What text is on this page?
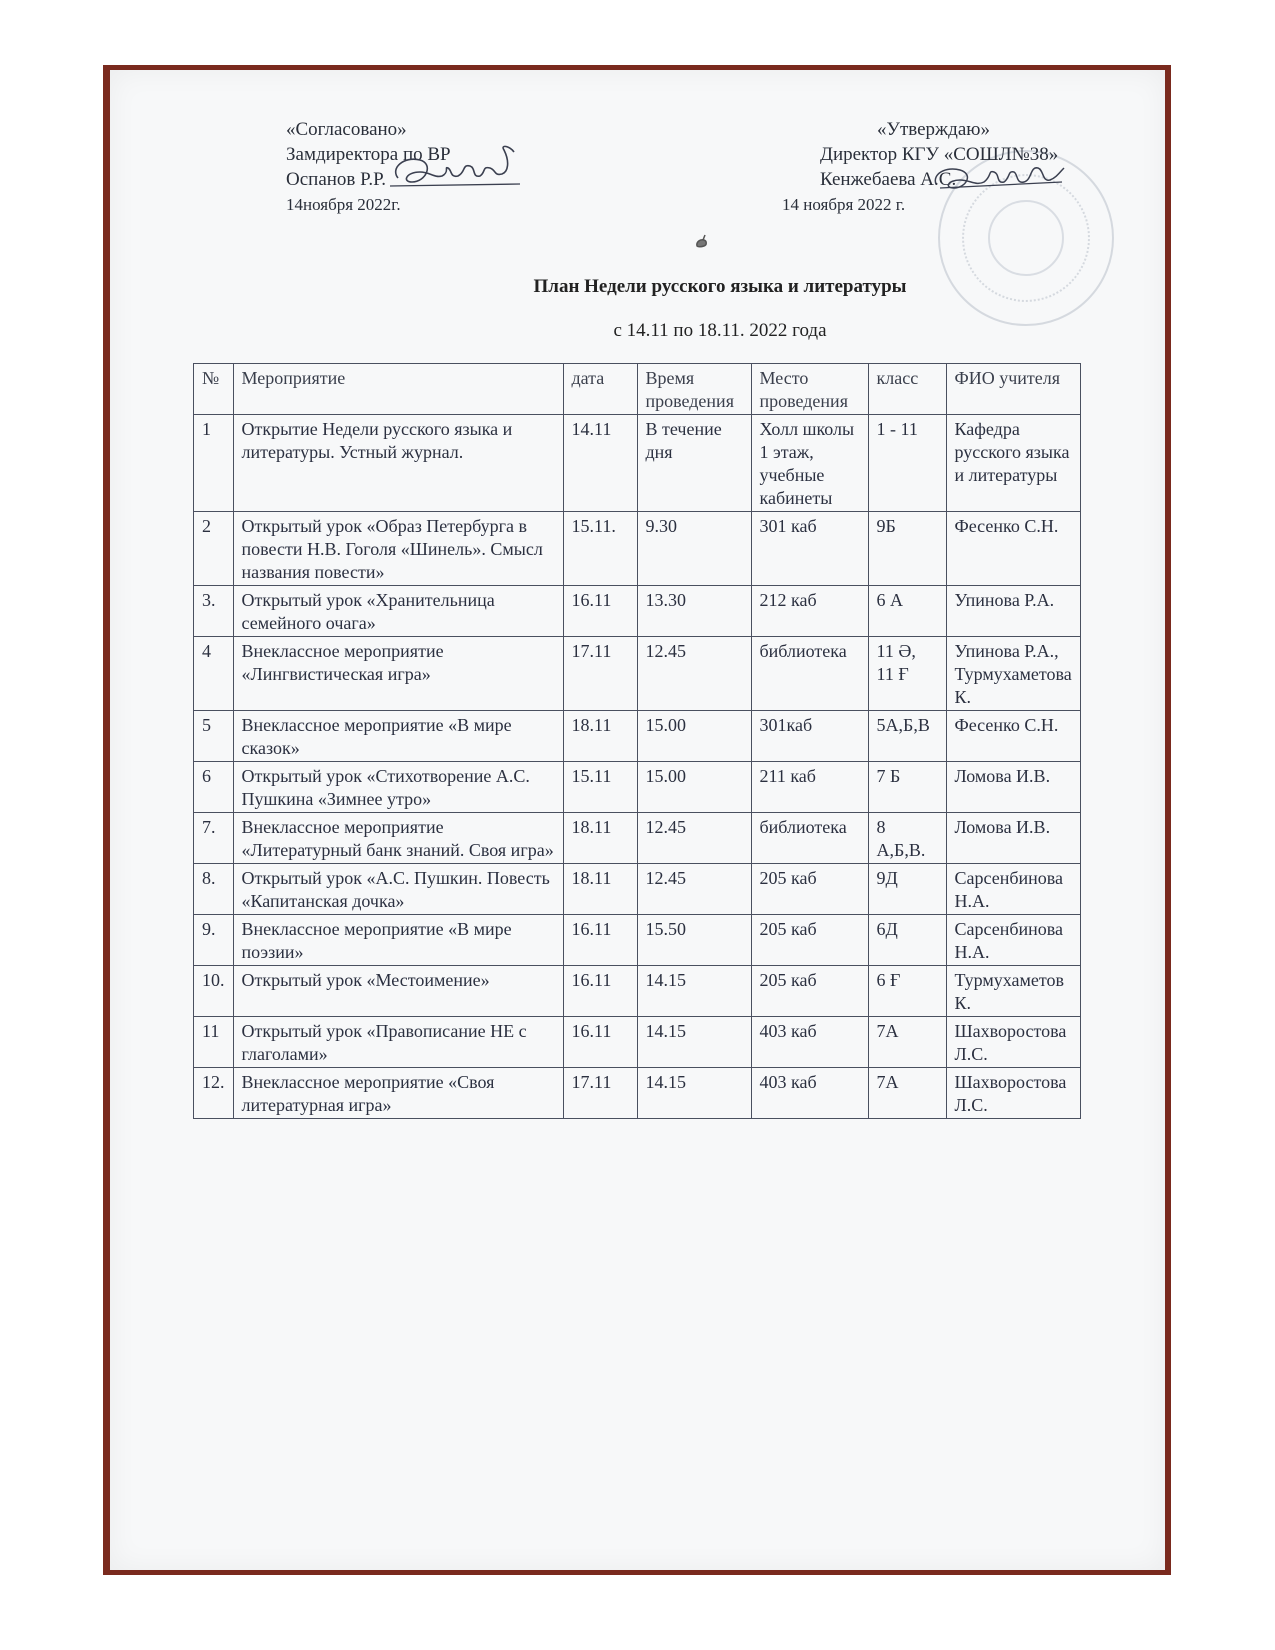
«Согласовано»
Замдиректора по ВР
Оспанов Р.Р.
14ноября 2022г.
«Утверждаю»
Директор КГУ «СОШЛ№38»
Кенжебаева А.С.
14 ноября 2022 г.
План Недели русского языка и литературы
с 14.11 по 18.11. 2022 года
№	Мероприятие	дата	Время проведения	Место проведения	класс	ФИО учителя
1	Открытие Недели русского языка и литературы. Устный журнал.	14.11	В течение дня	Холл школы 1 этаж, учебные кабинеты	1 - 11	Кафедра русского языка и литературы
2	Открытый урок «Образ Петербурга в повести Н.В. Гоголя «Шинель». Смысл названия повести»	15.11.	9.30	301 каб	9Б	Фесенко С.Н.
3.	Открытый урок «Хранительница семейного очага»	16.11	13.30	212 каб	6 А	Упинова Р.А.
4	Внеклассное мероприятие «Лингвистическая игра»	17.11	12.45	библиотека	11 Ә, 11 Ғ	Упинова Р.А., Турмухаметова К.
5	Внеклассное мероприятие «В мире сказок»	18.11	15.00	301каб	5А,Б,В	Фесенко С.Н.
6	Открытый урок «Стихотворение А.С. Пушкина «Зимнее утро»	15.11	15.00	211 каб	7 Б	Ломова И.В.
7.	Внеклассное мероприятие «Литературный банк знаний. Своя игра»	18.11	12.45	библиотека	8 А,Б,В.	Ломова И.В.
8.	Открытый урок «А.С. Пушкин. Повесть «Капитанская дочка»	18.11	12.45	205 каб	9Д	Сарсенбинова Н.А.
9.	Внеклассное мероприятие «В мире поэзии»	16.11	15.50	205 каб	6Д	Сарсенбинова Н.А.
10.	Открытый урок «Местоимение»	16.11	14.15	205 каб	6 Ғ	Турмухаметов К.
11	Открытый урок «Правописание НЕ с глаголами»	16.11	14.15	403 каб	7А	Шахворостова Л.С.
12.	Внеклассное мероприятие «Своя литературная игра»	17.11	14.15	403 каб	7А	Шахворостова Л.С.
